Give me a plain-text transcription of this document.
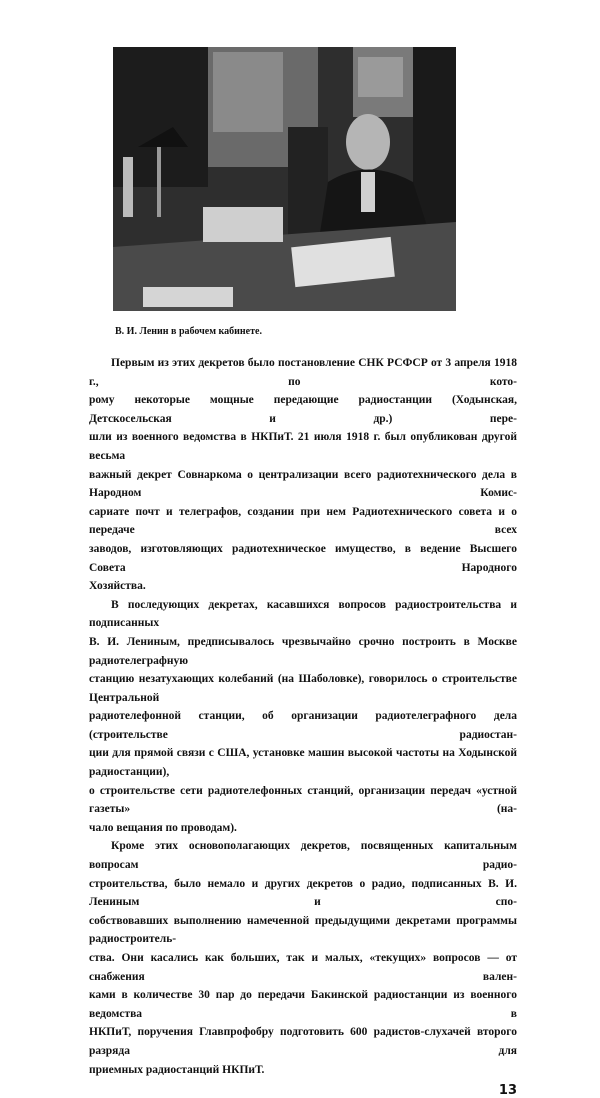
В. И. Ленин в рабочем кабинете.
Первым из этих декретов было постановление СНК РСФСР от 3 апреля 1918 г., по кото-
рому некоторые мощные передающие радиостанции (Ходынская, Детскосельская и др.) пере-
шли из военного ведомства в НКПиТ. 21 июля 1918 г. был опубликован другой весьма
важный декрет Совнаркома о централизации всего радиотехнического дела в Народном Комис-
сариате почт и телеграфов, создании при нем Радиотехнического совета и о передаче всех
заводов, изготовляющих радиотехническое имущество, в ведение Высшего Совета Народного
Хозяйства.
В последующих декретах, касавшихся вопросов радиостроительства и подписанных
В. И. Лениным, предписывалось чрезвычайно срочно построить в Москве радиотелеграфную
станцию незатухающих колебаний (на Шаболовке), говорилось о строительстве Центральной
радиотелефонной станции, об организации радиотелеграфного дела (строительстве радиостан-
ции для прямой связи с США, установке машин высокой частоты на Ходынской радиостанции),
о строительстве сети радиотелефонных станций, организации передач «устной газеты» (на-
чало вещания по проводам).
Кроме этих основополагающих декретов, посвященных капитальным вопросам радио-
строительства, было немало и других декретов о радио, подписанных В. И. Лениным и спо-
собствовавших выполнению намеченной предыдущими декретами программы радиостроитель-
ства. Они касались как больших, так и малых, «текущих» вопросов — от снабжения вален-
ками в количестве 30 пар до передачи Бакинской радиостанции из военного ведомства в
НКПиТ, поручения Главпрофобру подготовить 600 радистов-слухачей второго разряда для
приемных радиостанций НКПиТ.
13
